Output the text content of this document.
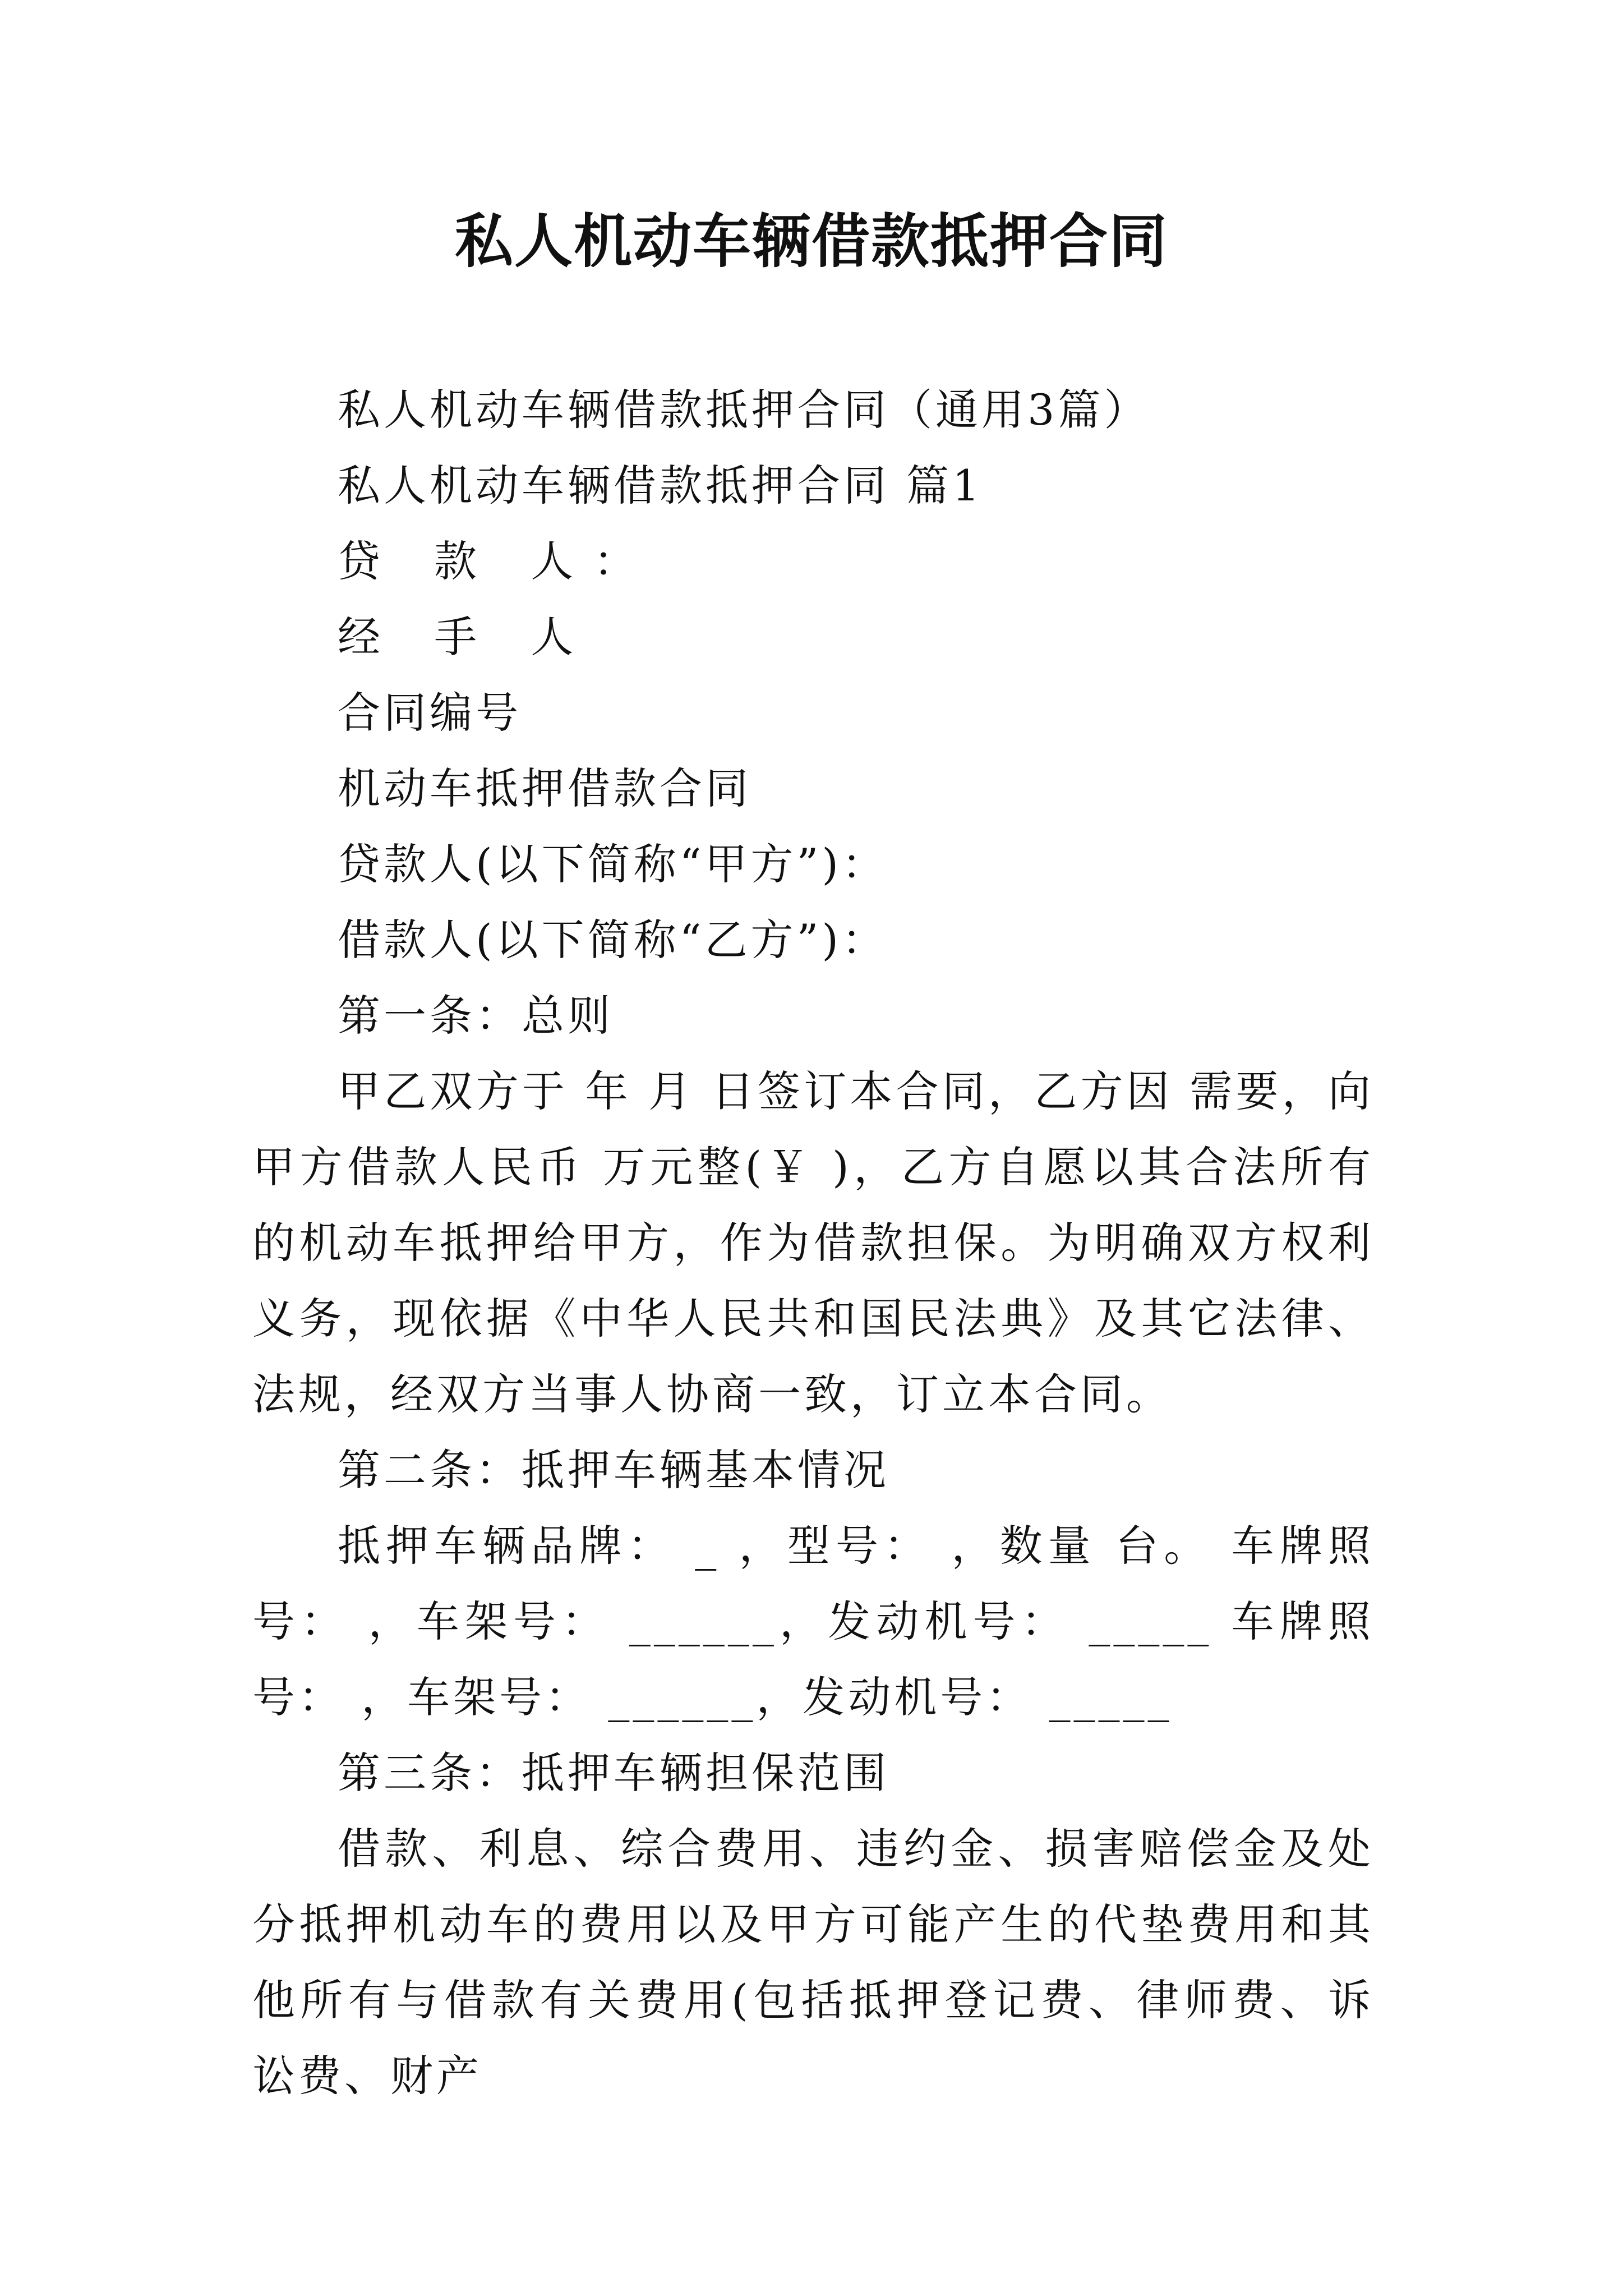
私人机动车辆借款抵押合同

私人机动车辆借款抵押合同（通用3篇）

私人机动车辆借款抵押合同 篇1

贷 款 人：

经 手 人

合同编号

机动车抵押借款合同

贷款人(以下简称“甲方”)：

借款人(以下简称“乙方”)：

第一条：总则

甲乙双方于 年 月 日签订本合同，乙方因 需要，向甲方借款人民币 万元整(￥ )，乙方自愿以其合法所有的机动车抵押给甲方，作为借款担保。为明确双方权利义务，现依据《中华人民共和国民法典》及其它法律、法规，经双方当事人协商一致，订立本合同。

第二条：抵押车辆基本情况

抵押车辆品牌： _ ，型号： ，数量 台。 车牌照号： ，车架号： ______，发动机号： _____ 车牌照号： ，车架号： ______，发动机号： _____

第三条：抵押车辆担保范围

借款、利息、综合费用、违约金、损害赔偿金及处分抵押机动车的费用以及甲方可能产生的代垫费用和其他所有与借款有关费用(包括抵押登记费、律师费、诉讼费、财产
